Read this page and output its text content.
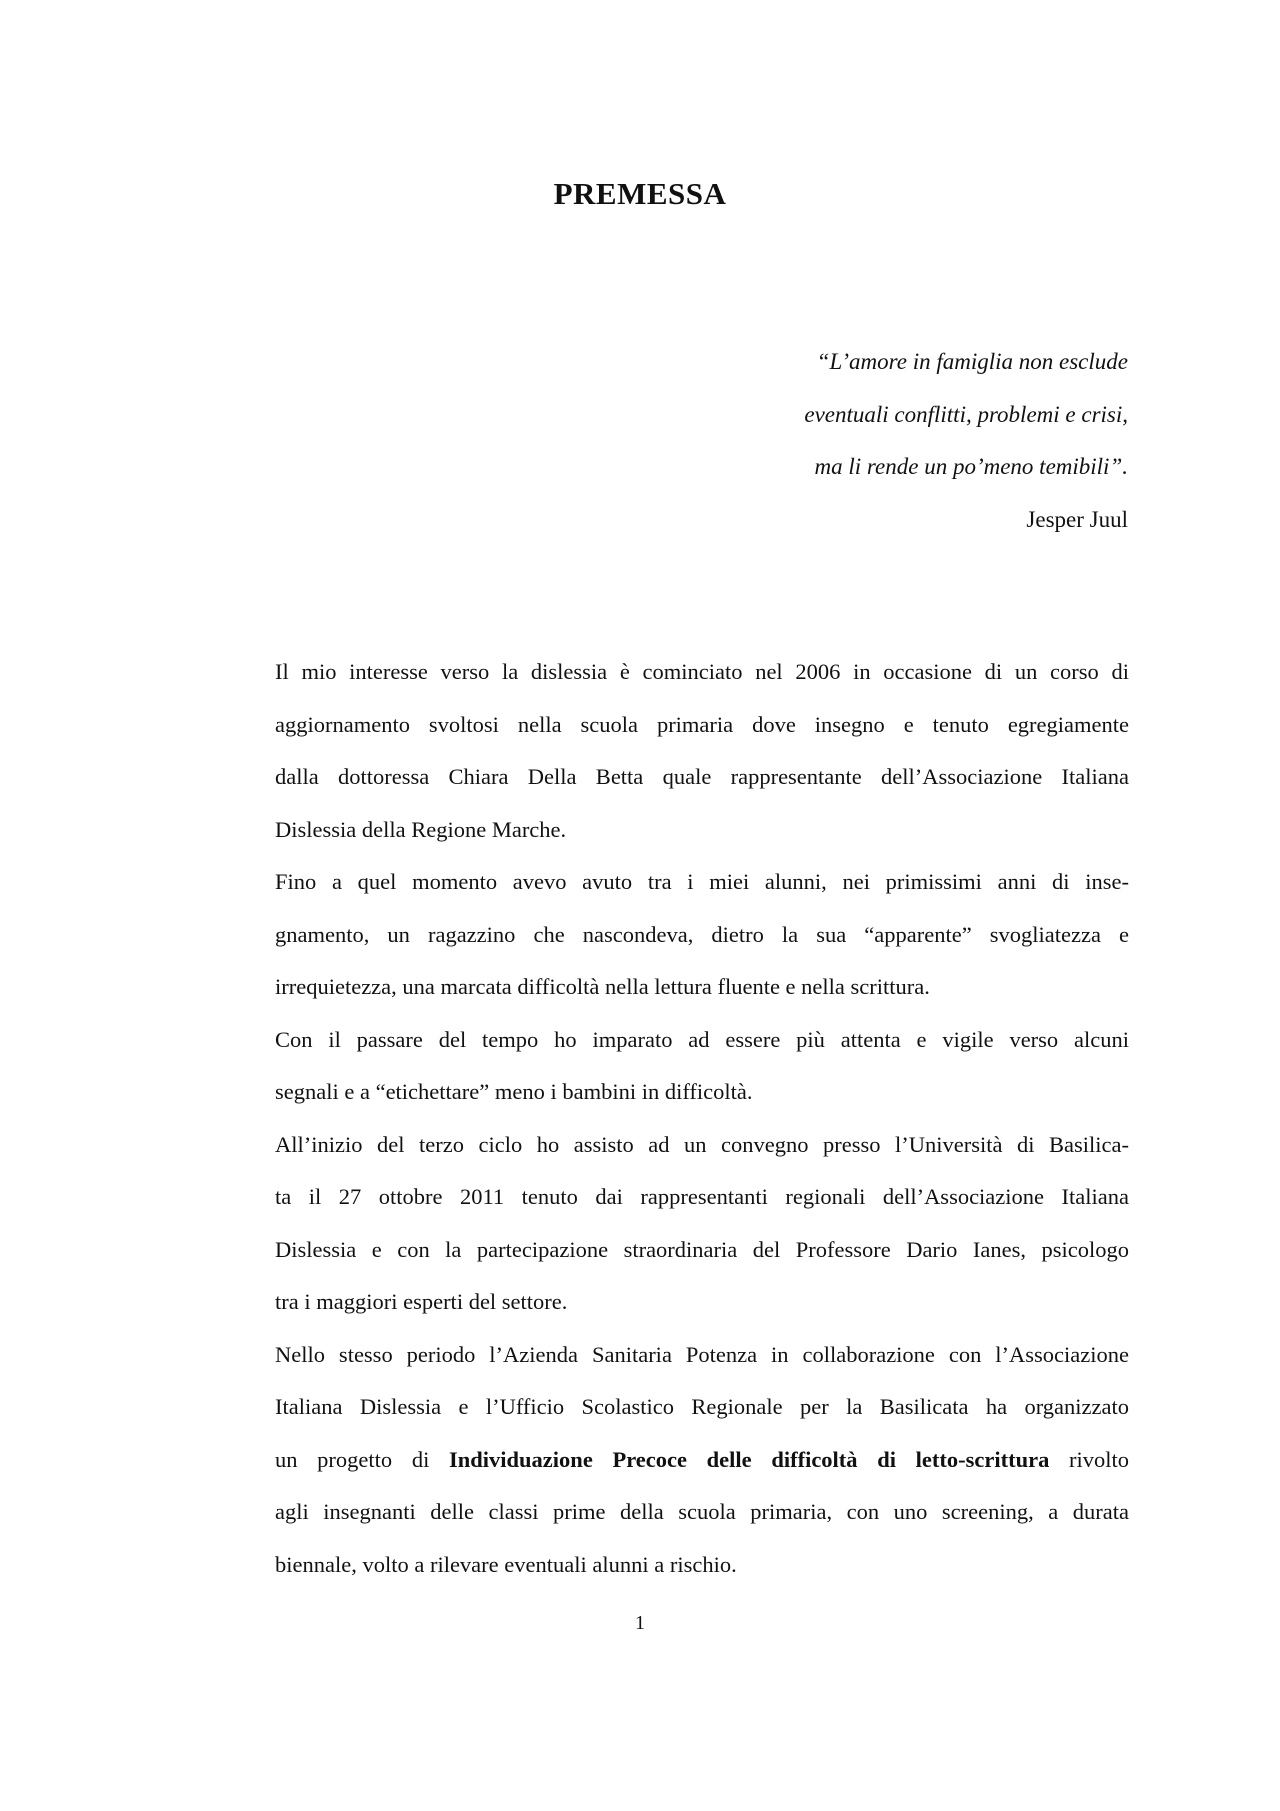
PREMESSA
“L’amore in famiglia non esclude
eventuali conflitti, problemi e crisi,
ma li rende un po’meno temibili”.
Jesper Juul

Il mio interesse verso la dislessia è cominciato nel 2006 in occasione di un corso di
aggiornamento svoltosi nella scuola primaria dove insegno e tenuto egregiamente
dalla dottoressa Chiara Della Betta quale rappresentante dell’Associazione Italiana
Dislessia della Regione Marche.

Fino a quel momento avevo avuto tra i miei alunni, nei primissimi anni di inse-
gnamento, un ragazzino che nascondeva, dietro la sua “apparente” svogliatezza e
irrequietezza, una marcata difficoltà nella lettura fluente e nella scrittura.

Con il passare del tempo ho imparato ad essere più attenta e vigile verso alcuni
segnali e a “etichettare” meno i bambini in difficoltà.

All’inizio del terzo ciclo ho assisto ad un convegno presso l’Università di Basilica-
ta il 27 ottobre 2011 tenuto dai rappresentanti regionali dell’Associazione Italiana
Dislessia e con la partecipazione straordinaria del Professore Dario Ianes, psicologo
tra i maggiori esperti del settore.

Nello stesso periodo l’Azienda Sanitaria Potenza in collaborazione con l’Associazione
Italiana Dislessia e l’Ufficio Scolastico Regionale per la Basilicata ha organizzato
un progetto di Individuazione Precoce delle difficoltà di letto-scrittura rivolto
agli insegnanti delle classi prime della scuola primaria, con uno screening, a durata
biennale, volto a rilevare eventuali alunni a rischio.

1
